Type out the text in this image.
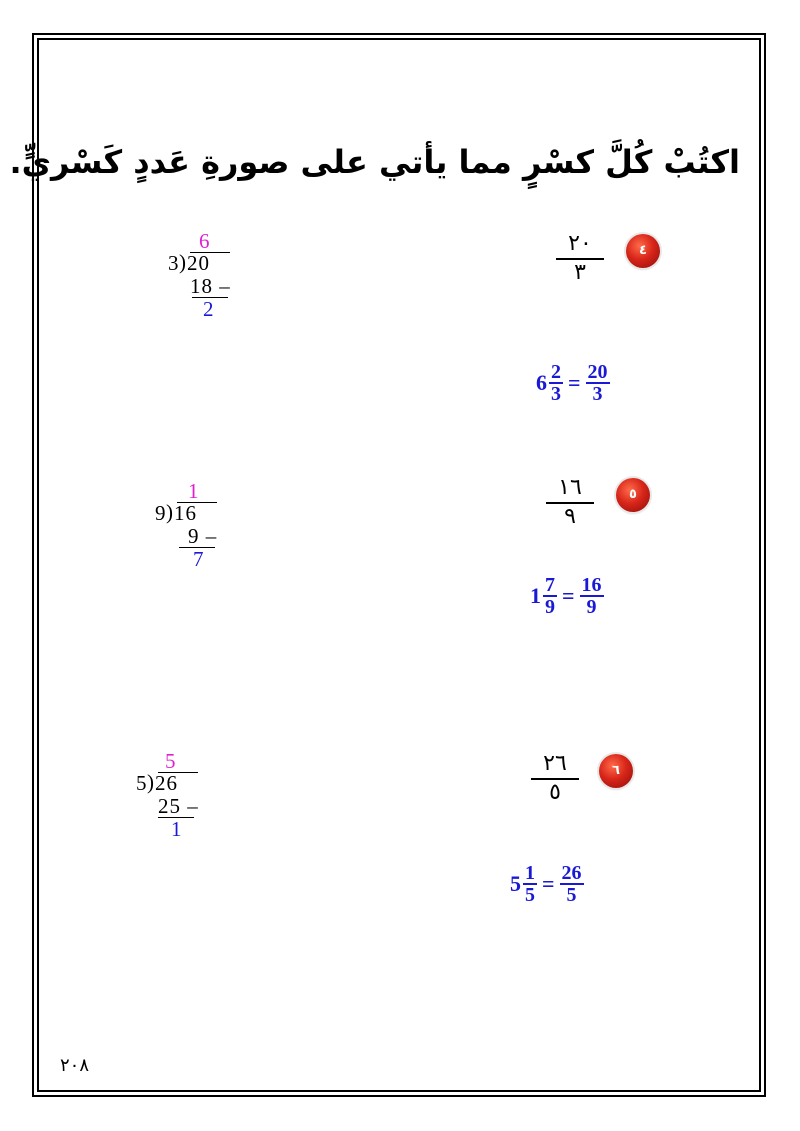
اكتُبْ كُلَّ كسْرٍ مما يأتي على صورةِ عَددٍ كَسْريٍّ.
٤
٢٠
٣
$6 \frac{2}{3} = \frac{20}{3}$
6
3 ) 20
18 –
2
٥
١٦
٩
$1 \frac{7}{9} = \frac{16}{9}$
1
9 ) 16
9 –
7
٦
٢٦
٥
$5 \frac{1}{5} = \frac{26}{5}$
5
5 ) 26
25 –
1
٢٠٨
